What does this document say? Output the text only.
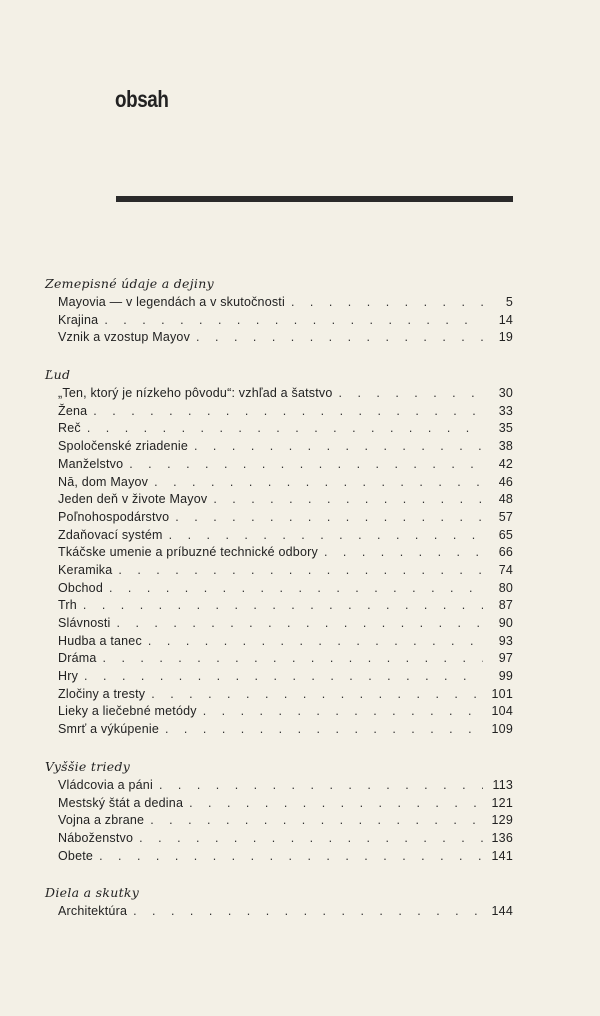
obsah
Zemepisné údaje a dejiny
Mayovia — v legendách a v skutočnosti . . .	5
Krajina . . .	14
Vznik a vzostup Mayov . . .	19
Ľud
„Ten, ktorý je nízkeho pôvodu“: vzhľad a šatstvo . . .	30
Žena . . .	33
Reč . . .	35
Spoločenské zriadenie . . .	38
Manželstvo . . .	42
Nā, dom Mayov . . .	46
Jeden deň v živote Mayov . . .	48
Poľnohospodárstvo . . .	57
Zdaňovací systém . . .	65
Tkáčske umenie a príbuzné technické odbory . . .	66
Keramika . . .	74
Obchod . . .	80
Trh . . .	87
Slávnosti . . .	90
Hudba a tanec . . .	93
Dráma . . .	97
Hry . . .	99
Zločiny a tresty . . .	101
Lieky a liečebné metódy . . .	104
Smrť a výkúpenie . . .	109
Vyššie triedy
Vládcovia a páni . . .	113
Mestský štát a dedina . . .	121
Vojna a zbrane . . .	129
Náboženstvo . . .	136
Obete . . .	141
Diela a skutky
Architektúra . . .	144
